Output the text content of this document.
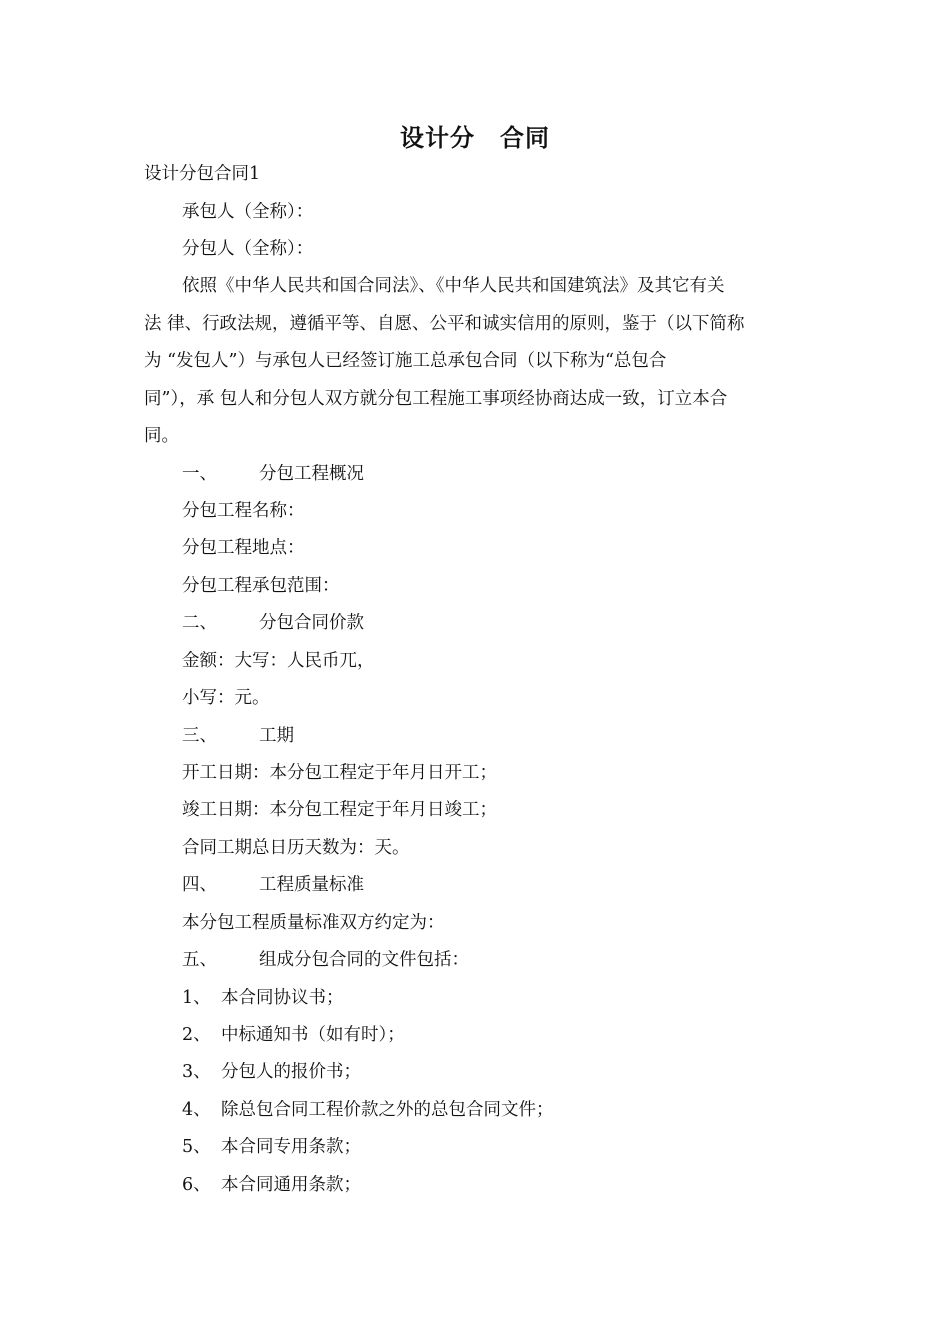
设计分　合同

设计分包合同1

承包人（全称）：

分包人（全称）：

依照《中华人民共和国合同法》、《中华人民共和国建筑法》及其它有关

法 律、行政法规，遵循平等、自愿、公平和诚实信用的原则，鉴于（以下简称

为 “发包人”）与承包人已经签订施工总承包合同（以下称为“总包合

同”），承 包人和分包人双方就分包工程施工事项经协商达成一致，订立本合

同。

一、 分包工程概况

分包工程名称：

分包工程地点：

分包工程承包范围：

二、 分包合同价款

金额：大写：人民币兀，

小写：元。

三、 工期

开工日期：本分包工程定于年月日开工；

竣工日期：本分包工程定于年月日竣工；

合同工期总日历天数为：天。

四、 工程质量标准

本分包工程质量标准双方约定为：

五、 组成分包合同的文件包括：

1、 本合同协议书；

2、 中标通知书（如有时）；

3、 分包人的报价书；

4、 除总包合同工程价款之外的总包合同文件；

5、 本合同专用条款；

6、 本合同通用条款；
